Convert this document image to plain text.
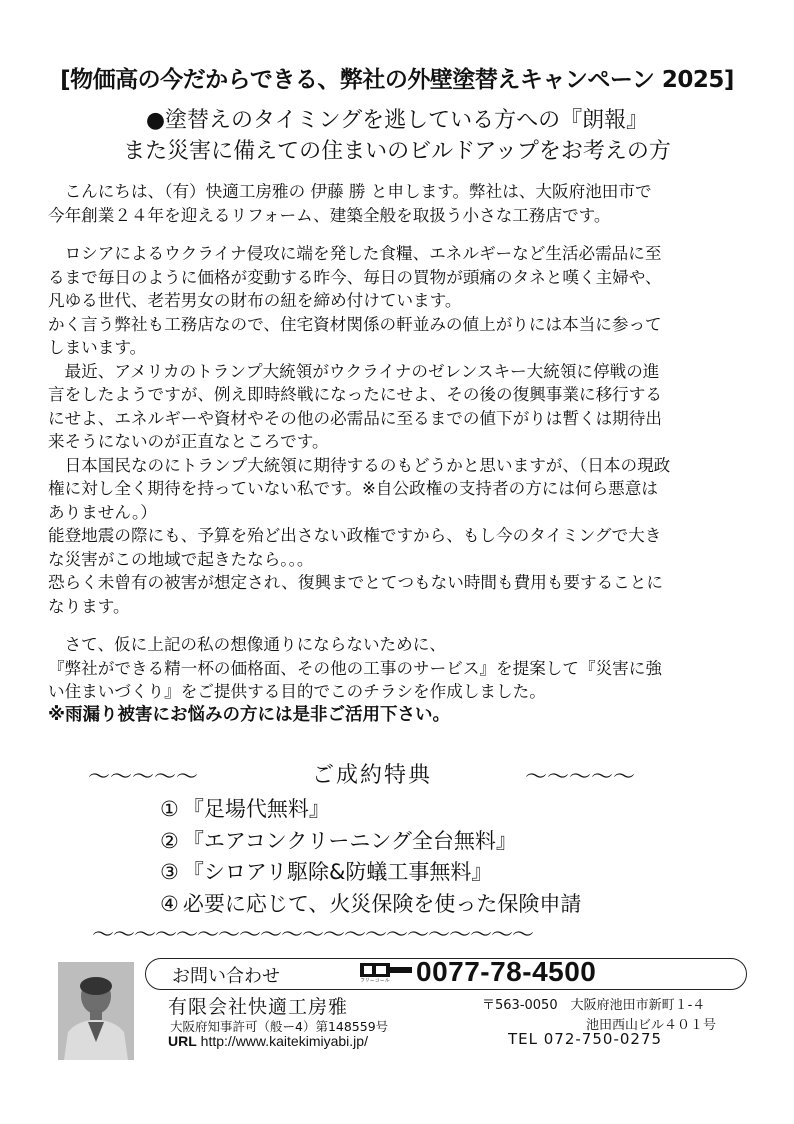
[物価高の今だからできる、弊社の外壁塗替えキャンペーン 2025]
●塗替えのタイミングを逃している方への『朗報』
また災害に備えての住まいのビルドアップをお考えの方

　こんにちは、（有）快適工房雅の 伊藤 勝 と申します。弊社は、大阪府池田市で

今年創業２４年を迎えるリフォーム、建築全般を取扱う小さな工務店です。

　ロシアによるウクライナ侵攻に端を発した食糧、エネルギーなど生活必需品に至

るまで毎日のように価格が変動する昨今、毎日の買物が頭痛のタネと嘆く主婦や、

凡ゆる世代、老若男女の財布の紐を締め付けています。

かく言う弊社も工務店なので、住宅資材関係の軒並みの値上がりには本当に参って

しまいます。

　最近、アメリカのトランプ大統領がウクライナのゼレンスキー大統領に停戦の進

言をしたようですが、例え即時終戦になったにせよ、その後の復興事業に移行する

にせよ、エネルギーや資材やその他の必需品に至るまでの値下がりは暫くは期待出

来そうにないのが正直なところです。

　日本国民なのにトランプ大統領に期待するのもどうかと思いますが、（日本の現政

権に対し全く期待を持っていない私です。※自公政権の支持者の方には何ら悪意は

ありません。）

能登地震の際にも、予算を殆ど出さない政権ですから、もし今のタイミングで大き

な災害がこの地域で起きたなら。。。

恐らく未曾有の被害が想定され、復興までとてつもない時間も費用も要することに

なります。

　さて、仮に上記の私の想像通りにならないために、

『弊社ができる精一杯の価格面、その他の工事のサービス』を提案して『災害に強

い住まいづくり』をご提供する目的でこのチラシを作成しました。

※雨漏り被害にお悩みの方には是非ご活用下さい。

～～～～～	ご成約特典	～～～～～
① 『足場代無料』
② 『エアコンクリーニング全台無料』
③ 『シロアリ駆除&防蟻工事無料』
④ 必要に応じて、火災保険を使った保険申請
～～～～～～～～～～～～～～～～～～～～～
お問い合わせ	フリーコール 0077-78-4500
有限会社快適工房雅
大阪府知事許可（般ー4）第148559号
URL http://www.kaitekimiyabi.jp/
〒563-0050　大阪府池田市新町１-４
池田西山ビル４０１号
TEL 072-750-0275
